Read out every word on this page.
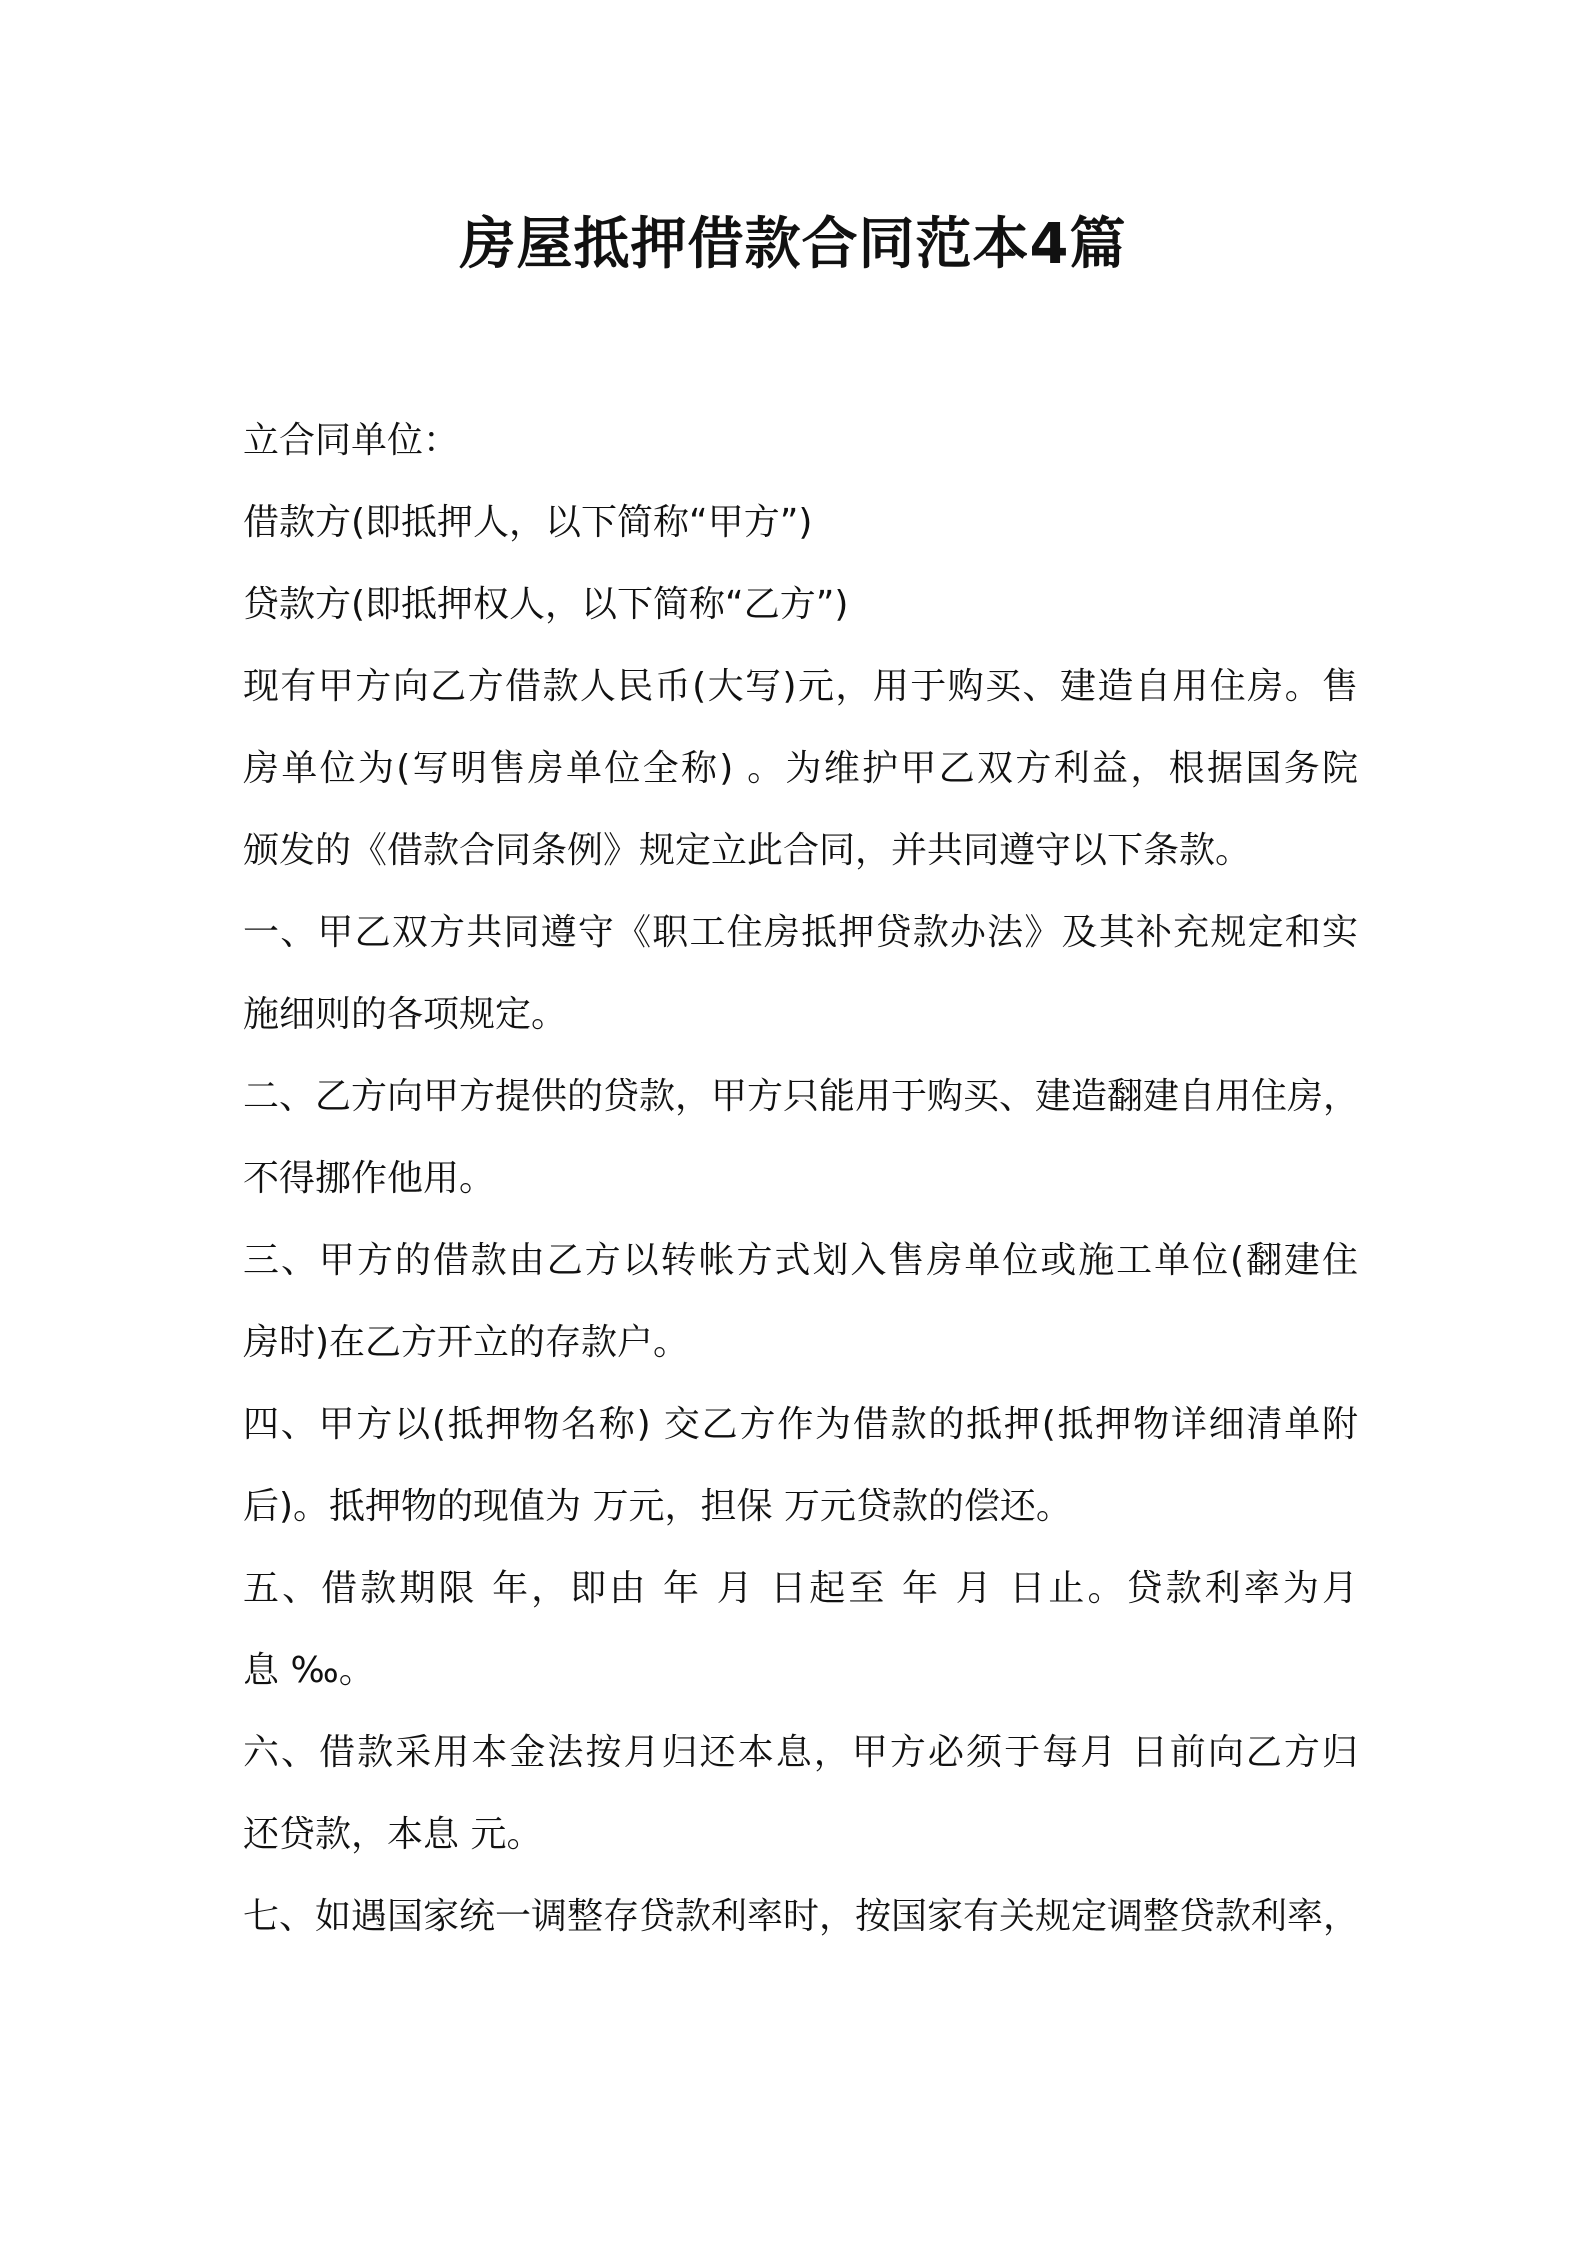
房屋抵押借款合同范本4篇

立合同单位：

借款方(即抵押人，以下简称“甲方”)

贷款方(即抵押权人，以下简称“乙方”)

现有甲方向乙方借款人民币(大写)元，用于购买、建造自用住房。售

房单位为(写明售房单位全称) 。为维护甲乙双方利益，根据国务院

颁发的《借款合同条例》规定立此合同，并共同遵守以下条款。

一、甲乙双方共同遵守《职工住房抵押贷款办法》及其补充规定和实

施细则的各项规定。

二、乙方向甲方提供的贷款，甲方只能用于购买、建造翻建自用住房，

不得挪作他用。

三、甲方的借款由乙方以转帐方式划入售房单位或施工单位(翻建住

房时)在乙方开立的存款户。

四、甲方以(抵押物名称) 交乙方作为借款的抵押(抵押物详细清单附

后)。抵押物的现值为 万元，担保 万元贷款的偿还。

五、借款期限 年，即由 年 月 日起至 年 月 日止。贷款利率为月

息 ‰。

六、借款采用本金法按月归还本息，甲方必须于每月 日前向乙方归

还贷款，本息 元。

七、如遇国家统一调整存贷款利率时，按国家有关规定调整贷款利率，
